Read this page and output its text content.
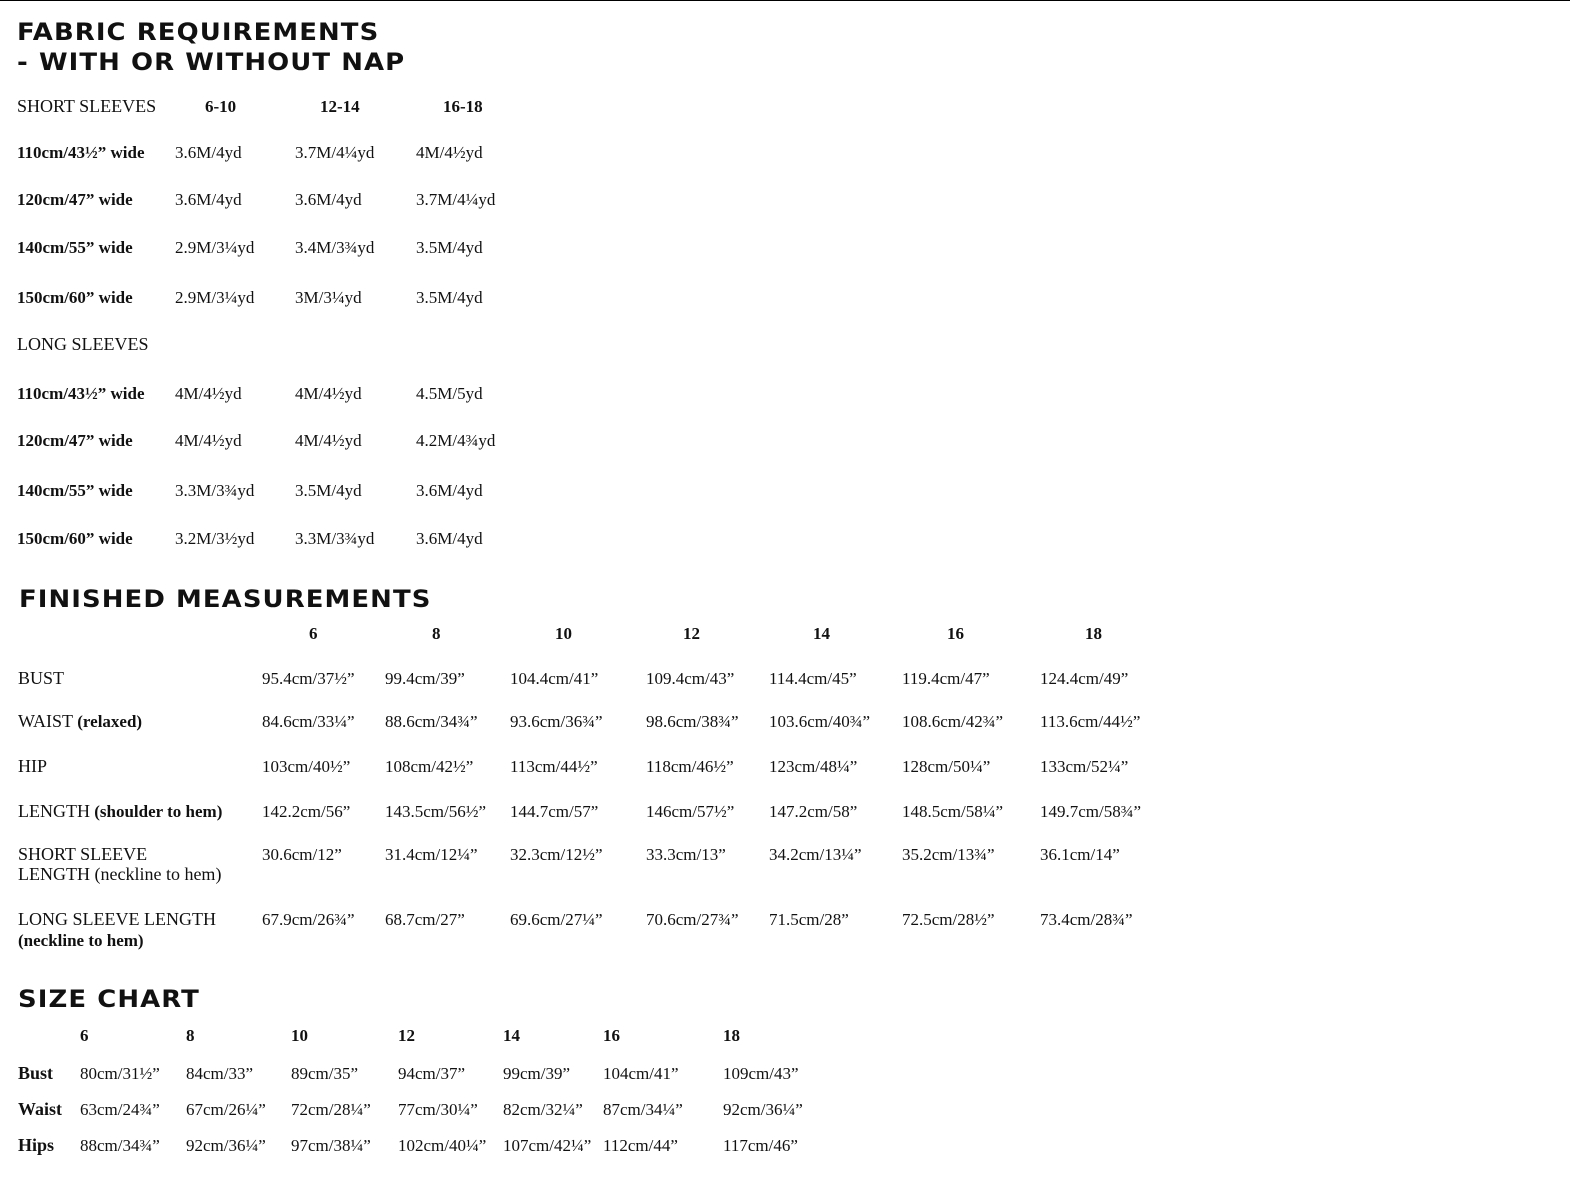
FABRIC REQUIREMENTS
- WITH OR WITHOUT NAP
SHORT SLEEVES	6-10	12-14	16-18
110cm/43½” wide 3.6M/4yd	3.7M/4¼yd 4M/4½yd
120cm/47” wide 3.6M/4yd	3.6M/4yd	3.7M/4¼yd
140cm/55” wide 2.9M/3¼yd 3.4M/3¾yd 3.5M/4yd
150cm/60” wide 2.9M/3¼yd 3M/3¼yd	3.5M/4yd
LONG SLEEVES
110cm/43½” wide 4M/4½yd	4M/4½yd	4.5M/5yd
120cm/47” wide 4M/4½yd	4M/4½yd	4.2M/4¾yd
140cm/55” wide 3.3M/3¾yd 3.5M/4yd	3.6M/4yd
150cm/60” wide 3.2M/3½yd 3.3M/3¾yd 3.6M/4yd
FINISHED MEASUREMENTS
6	8	10	12	14	16	18
BUST	95.4cm/37½” 99.4cm/39”	104.4cm/41”	109.4cm/43” 114.4cm/45”	119.4cm/47”	124.4cm/49”
WAIST (relaxed)	84.6cm/33¼” 88.6cm/34¾” 93.6cm/36¾”	98.6cm/38¾” 103.6cm/40¾” 108.6cm/42¾” 113.6cm/44½”
HIP	103cm/40½” 108cm/42½” 113cm/44½”	118cm/46½” 123cm/48¼”	128cm/50¼”	133cm/52¼”
LENGTH (shoulder to hem) 142.2cm/56” 143.5cm/56½” 144.7cm/57”	146cm/57½” 147.2cm/58”	148.5cm/58¼” 149.7cm/58¾”
SHORT SLEEVE
LENGTH (neckline to hem)
30.6cm/12”	31.4cm/12¼” 32.3cm/12½”	33.3cm/13”	34.2cm/13¼” 35.2cm/13¾”	36.1cm/14”
LONG SLEEVE LENGTH
(neckline to hem)
67.9cm/26¾” 68.7cm/27”	69.6cm/27¼”	70.6cm/27¾” 71.5cm/28”	72.5cm/28½”	73.4cm/28¾”
SIZE CHART
6	8	10	12	14	16	18
Bust 80cm/31½” 84cm/33” 89cm/35” 94cm/37” 99cm/39” 104cm/41”	109cm/43”
Waist 63cm/24¾” 67cm/26¼” 72cm/28¼” 77cm/30¼” 82cm/32¼” 87cm/34¼” 92cm/36¼”
Hips 88cm/34¾” 92cm/36¼” 97cm/38¼” 102cm/40¼” 107cm/42¼” 112cm/44”	117cm/46”
